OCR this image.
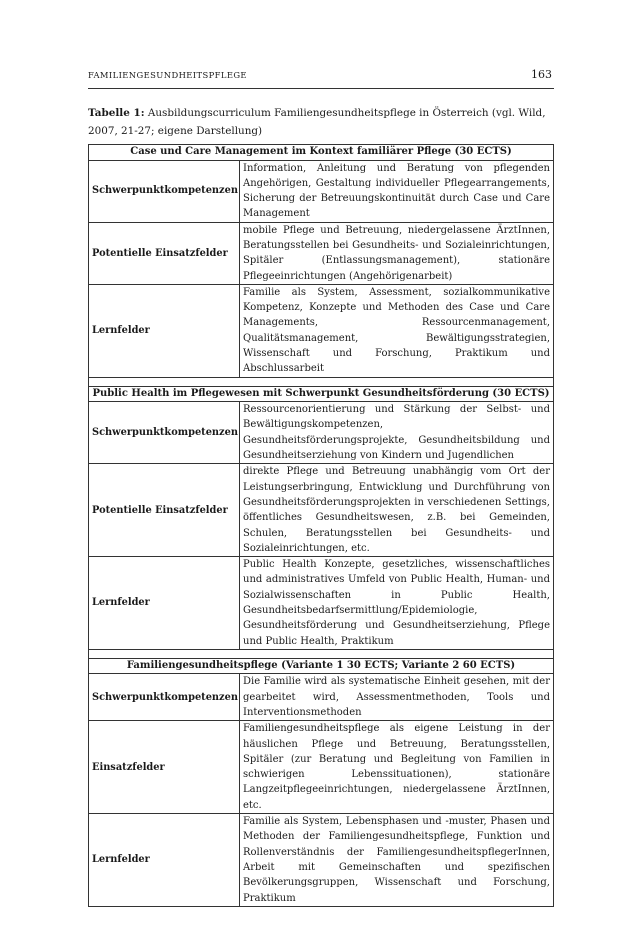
FAMILIENGESUNDHEITSPFLEGE	163
Tabelle 1: Ausbildungscurriculum Familiengesundheitspflege in Österreich (vgl. Wild, 2007, 21-27; eigene Darstellung)
Case und Care Management im Kontext familiärer Pflege (30 ECTS)	
Schwerpunktkompetenzen	Information, Anleitung und Beratung von pflegenden Angehörigen, Gestaltung individueller Pflegearrangements, Sicherung der Betreuungskontinuität durch Case und Care Management
Potentielle Einsatzfelder	mobile Pflege und Betreuung, niedergelassene ÄrztInnen, Beratungsstellen bei Gesundheits- und Sozialeinrichtungen, Spitäler (Entlassungsmanagement), stationäre Pflegeeinrichtungen (Angehörigenarbeit)
Lernfelder	Familie als System, Assessment, sozialkommunikative Kompetenz, Konzepte und Methoden des Case und Care Managements, Ressourcenmanagement, Qualitätsmanagement, Bewältigungsstrategien, Wissenschaft und Forschung, Praktikum und Abschlussarbeit

Public Health im Pflegewesen mit Schwerpunkt Gesundheitsförderung (30 ECTS)	
Schwerpunktkompetenzen	Ressourcenorientierung und Stärkung der Selbst- und Bewältigungskompetenzen, Gesundheitsförderungsprojekte, Gesundheitsbildung und Gesundheitserziehung von Kindern und Jugendlichen
Potentielle Einsatzfelder	direkte Pflege und Betreuung unabhängig vom Ort der Leistungserbringung, Entwicklung und Durchführung von Gesundheitsförderungsprojekten in verschiedenen Settings, öffentliches Gesundheitswesen, z.B. bei Gemeinden, Schulen, Beratungsstellen bei Gesundheits- und Sozialeinrichtungen, etc.
Lernfelder	Public Health Konzepte, gesetzliches, wissenschaftliches und administratives Umfeld von Public Health, Human- und Sozialwissenschaften in Public Health, Gesundheitsbedarfsermittlung/Epidemiologie, Gesundheitsförderung und Gesundheitserziehung, Pflege und Public Health, Praktikum

Familiengesundheitspflege (Variante 1 30 ECTS; Variante 2 60 ECTS)	
Schwerpunktkompetenzen	Die Familie wird als systematische Einheit gesehen, mit der gearbeitet wird, Assessmentmethoden, Tools und Interventionsmethoden
Einsatzfelder	Familiengesundheitspflege als eigene Leistung in der häuslichen Pflege und Betreuung, Beratungsstellen, Spitäler (zur Beratung und Begleitung von Familien in schwierigen Lebenssituationen), stationäre Langzeitpflegeeinrichtungen, niedergelassene ÄrztInnen, etc.
Lernfelder	Familie als System, Lebensphasen und -muster, Phasen und Methoden der Familiengesundheitspflege, Funktion und Rollenverständnis der FamiliengesundheitspflegerInnen, Arbeit mit Gemeinschaften und spezifischen Bevölkerungsgruppen, Wissenschaft und Forschung, Praktikum
